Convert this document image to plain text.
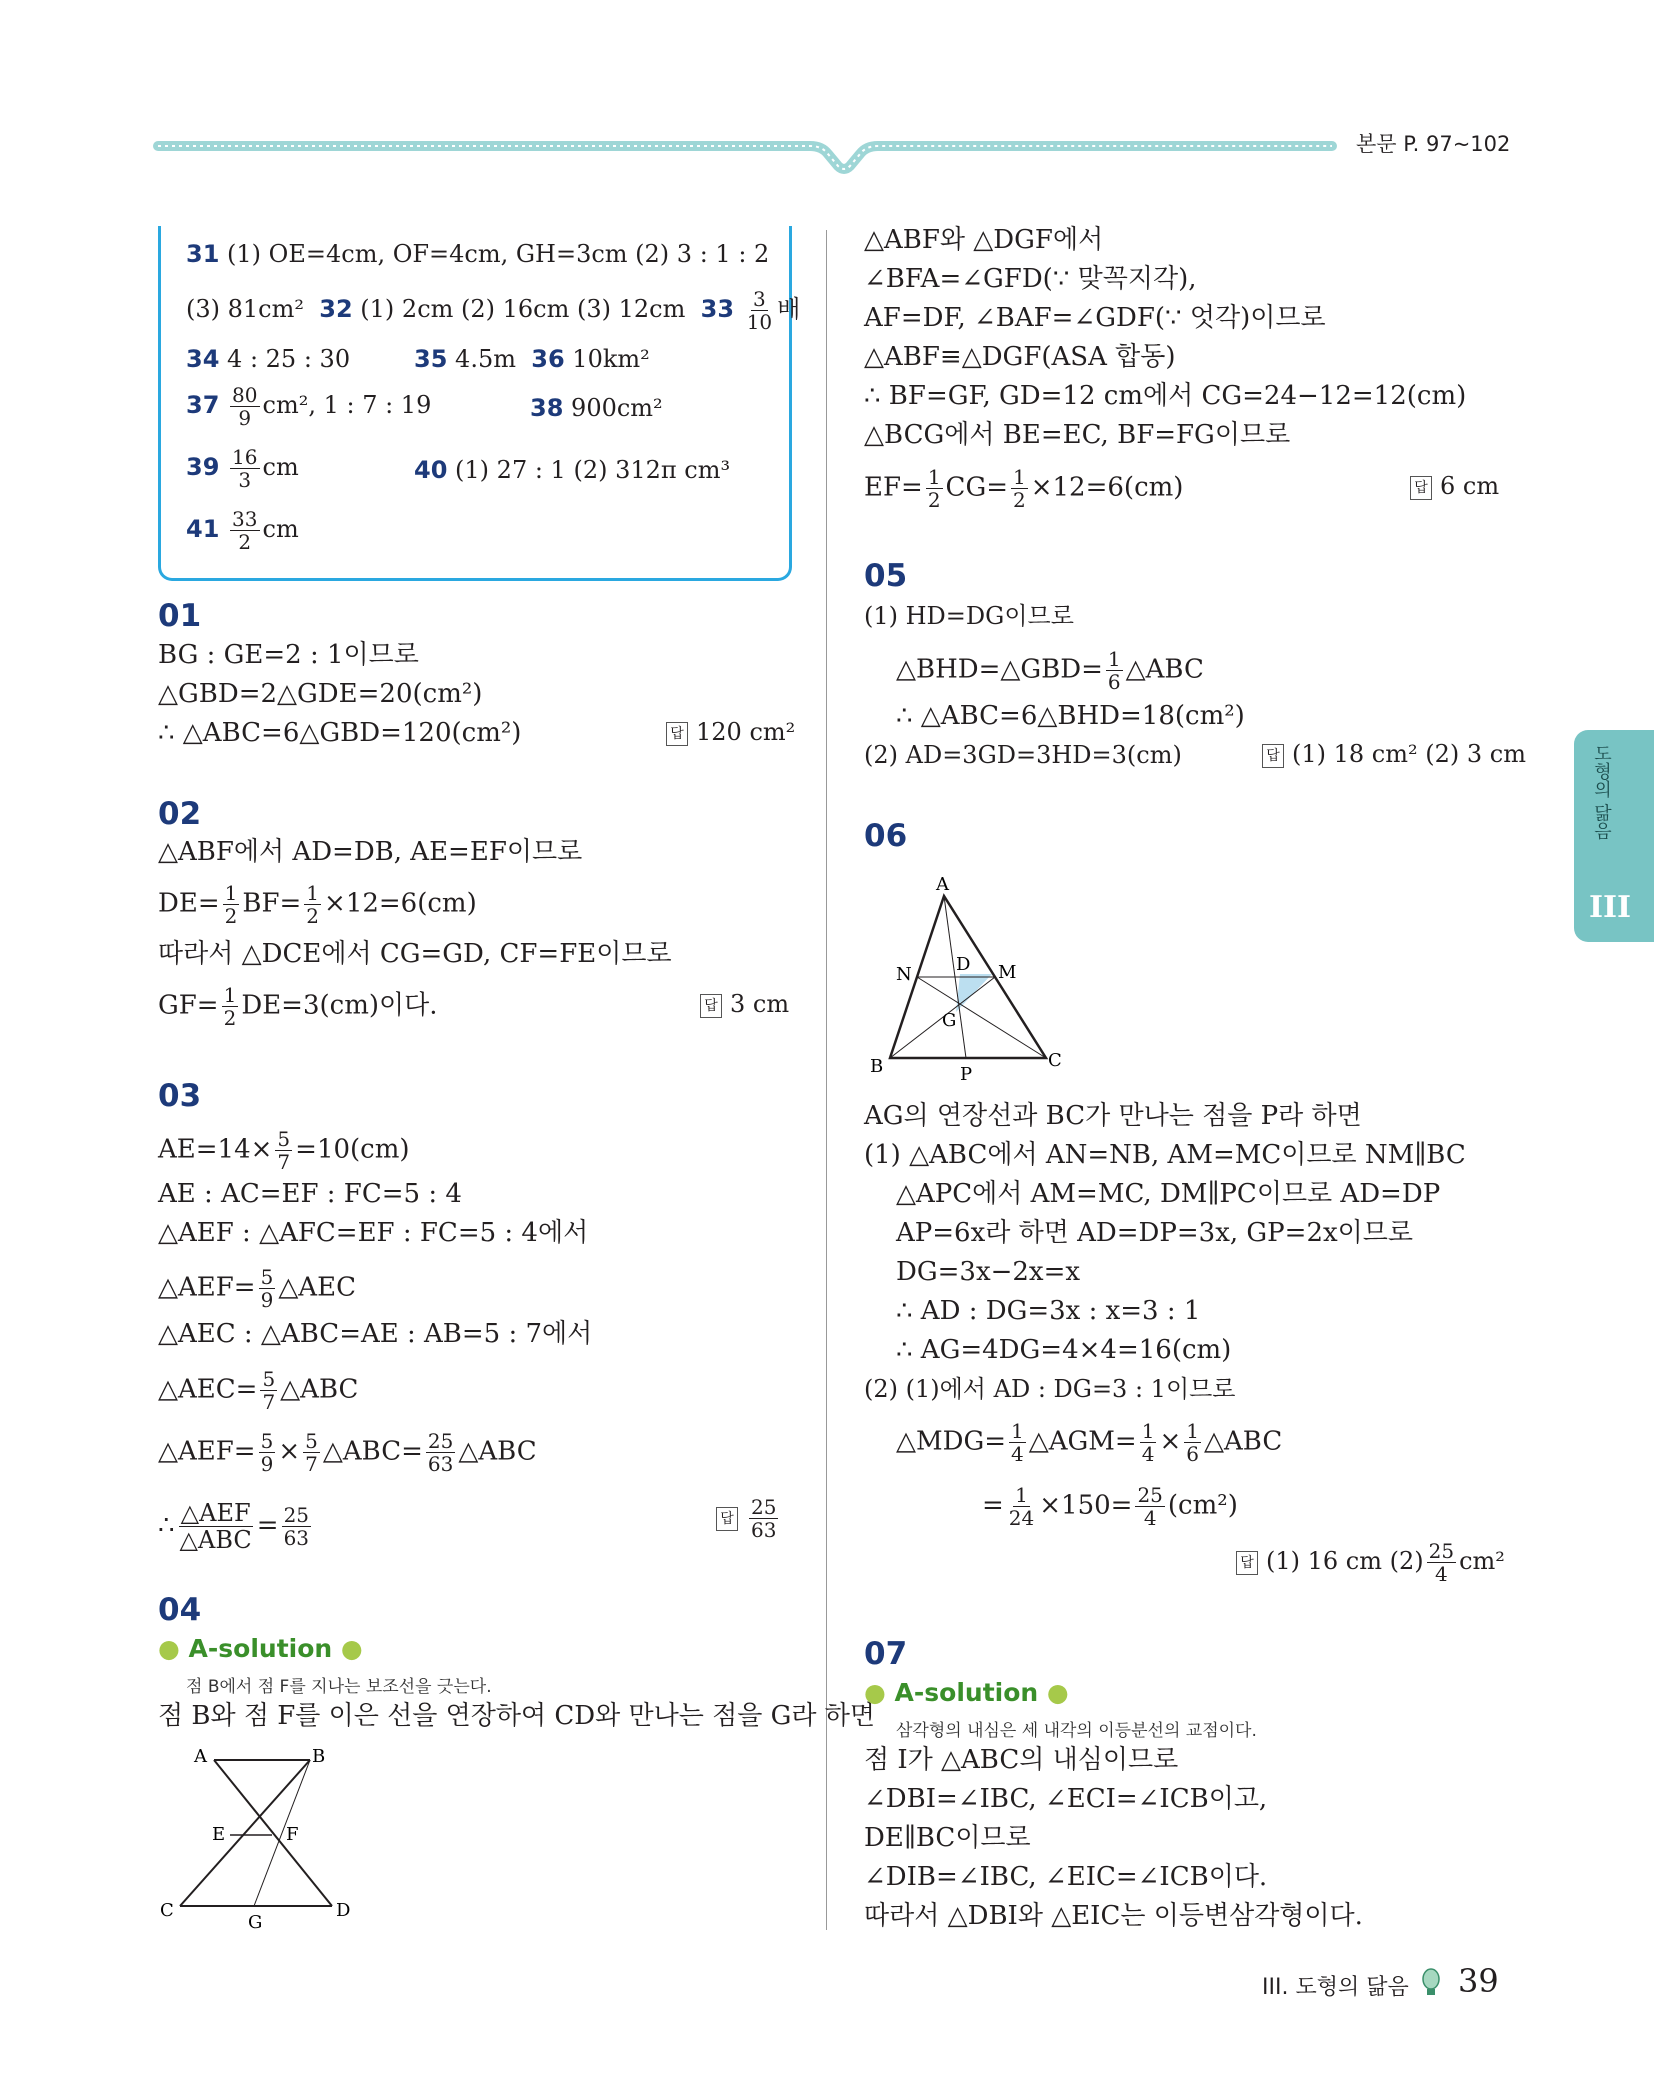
본문 P. 97~102
31 (1) OE=4cm, OF=4cm, GH=3cm (2) 3 : 1 : 2
(3) 81cm² 32 (1) 2cm (2) 16cm (3) 12cm $33 \frac{3}{10}$ 배
34 4 : 25 : 30	35 4.5m 36 10km²
$37 \frac{80}{9} cm^2$, 1 : 7 : 19	38 900cm²
$39 \frac{16}{3}$ cm	40 (1) 27 : 1 (2) 312π cm³
$41 \frac{33}{2}$ cm
01
BG : GE=2 : 1이므로
△GBD=2△GDE=20(cm²)
∴ △ABC=6△GBD=120(cm²)	답 120 cm²
02
△ABF에서 AD=DB, AE=EF이므로
$DE= \frac{1}{2} BF= \frac{1}{2} \times 12=6(cm)$
따라서 △DCE에서 CG=GD, CF=FE이므로
$GF= \frac{1}{2} DE=3(cm)$이다.	답 3 cm
03
$AE=14\times \frac{5}{7} =10(cm)$
AE : AC=EF : FC=5 : 4
△AEF : △AFC=EF : FC=5 : 4에서
△AEF= $\frac{5}{9}$ △AEC
△AEC : △ABC=AE : AB=5 : 7에서
△AEC= $\frac{5}{7}$ △ABC
△AEF= $\frac{5}{9} \times \frac{5}{7}$ △ABC= $\frac{25}{63}$ △ABC
∴ $\frac{\text{△AEF}}{\text{△ABC}} = \frac{25}{63}$	답 $\frac{25}{63}$
04
● A-solution ●
점 B에서 점 F를 지나는 보조선을 긋는다.
점 B와 점 F를 이은 선을 연장하여 CD와 만나는 점을 G라 하면
A	B
C	D
E	F
G
△ABF와 △DGF에서
∠BFA=∠GFD(∵ 맞꼭지각),
AF=DF, ∠BAF=∠GDF(∵ 엇각)이므로
△ABF≡△DGF(ASA 합동)
∴ BF=GF, GD=12 cm에서 CG=24−12=12(cm)
△BCG에서 BE=EC, BF=FG이므로
$EF= \frac{1}{2} CG= \frac{1}{2} \times 12=6(cm)$	답 6 cm
05
(1) HD=DG이므로
△BHD=△GBD= $\frac{1}{6}$ △ABC
∴ △ABC=6△BHD=18(cm²)
(2) AD=3GD=3HD=3(cm)	답 (1) 18 cm² (2) 3 cm
06
A
B	C
N	M
D
G
P
AG의 연장선과 BC가 만나는 점을 P라 하면
(1) △ABC에서 AN=NB, AM=MC이므로 NM∥BC
△APC에서 AM=MC, DM∥PC이므로 AD=DP
AP=6x라 하면 AD=DP=3x, GP=2x이므로
DG=3x−2x=x
∴ AD : DG=3x : x=3 : 1
∴ AG=4DG=4×4=16(cm)
(2) (1)에서 AD : DG=3 : 1이므로
△MDG= $\frac{1}{4}$ △AGM= $\frac{1}{4} \times \frac{1}{6}$ △ABC
= $\frac{1}{24} \times 150= \frac{25}{4} (cm^2)$
답 (1) 16 cm $(2) \frac{25}{4} cm^2$
07
● A-solution ●
삼각형의 내심은 세 내각의 이등분선의 교점이다.
점 I가 △ABC의 내심이므로
∠DBI=∠IBC, ∠ECI=∠ICB이고,
DE∥BC이므로
∠DIB=∠IBC, ∠EIC=∠ICB이다.
따라서 △DBI와 △EIC는 이등변삼각형이다.
도형의 닮음
III
III. 도형의 닮음 39
